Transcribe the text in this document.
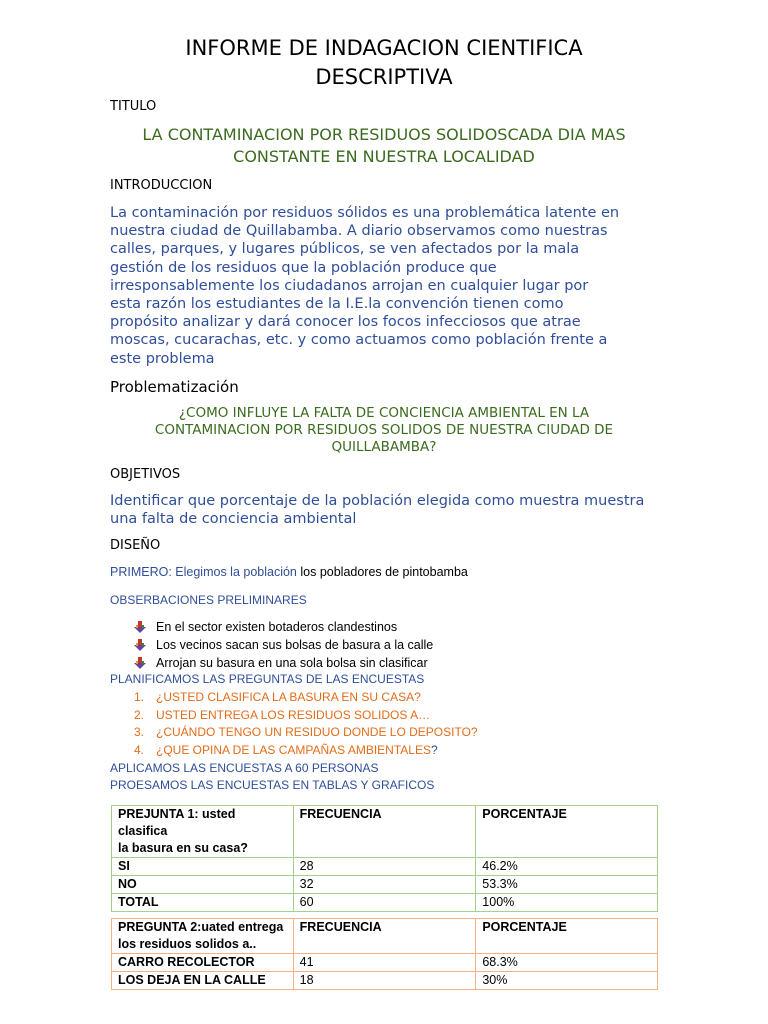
INFORME DE INDAGACION CIENTIFICA
DESCRIPTIVA
TITULO
LA CONTAMINACION POR RESIDUOS SOLIDOSCADA DIA MAS
CONSTANTE EN NUESTRA LOCALIDAD
INTRODUCCION
La contaminación por residuos sólidos es una problemática latente en
nuestra ciudad de Quillabamba. A diario observamos como nuestras
calles, parques, y lugares públicos, se ven afectados por la mala
gestión de los residuos que la población produce que
irresponsablemente los ciudadanos arrojan en cualquier lugar por
esta razón los estudiantes de la I.E.la convención tienen como
propósito analizar y dará conocer los focos infecciosos que atrae
moscas, cucarachas, etc. y como actuamos como población frente a
este problema
Problematización
¿COMO INFLUYE LA FALTA DE CONCIENCIA AMBIENTAL EN LA
CONTAMINACION POR RESIDUOS SOLIDOS DE NUESTRA CIUDAD DE
QUILLABAMBA?
OBJETIVOS
Identificar que porcentaje de la población elegida como muestra muestra
una falta de conciencia ambiental
DISEÑO
PRIMERO: Elegimos la población los pobladores de pintobamba
OBSERBACIONES PRELIMINARES
En el sector existen botaderos clandestinos
Los vecinos sacan sus bolsas de basura a la calle
Arrojan su basura en una sola bolsa sin clasificar
PLANIFICAMOS LAS PREGUNTAS DE LAS ENCUESTAS
1. ¿USTED CLASIFICA LA BASURA EN SU CASA?
2. USTED ENTREGA LOS RESIDUOS SOLIDOS A…
3. ¿CUÁNDO TENGO UN RESIDUO DONDE LO DEPOSITO?
4. ¿QUE OPINA DE LAS CAMPAÑAS AMBIENTALES ?
APLICAMOS LAS ENCUESTAS A 60 PERSONAS
PROESAMOS LAS ENCUESTAS EN TABLAS Y GRAFICOS
PREJUNTA 1: usted clasifica
la basura en su casa?	FRECUENCIA	PORCENTAJE
SI	28	46.2%
NO	32	53.3%
TOTAL	60	100%
PREGUNTA 2:uated entrega
los residuos solidos a..	FRECUENCIA	PORCENTAJE
CARRO RECOLECTOR	41	68.3%
LOS DEJA EN LA CALLE	18	30%
